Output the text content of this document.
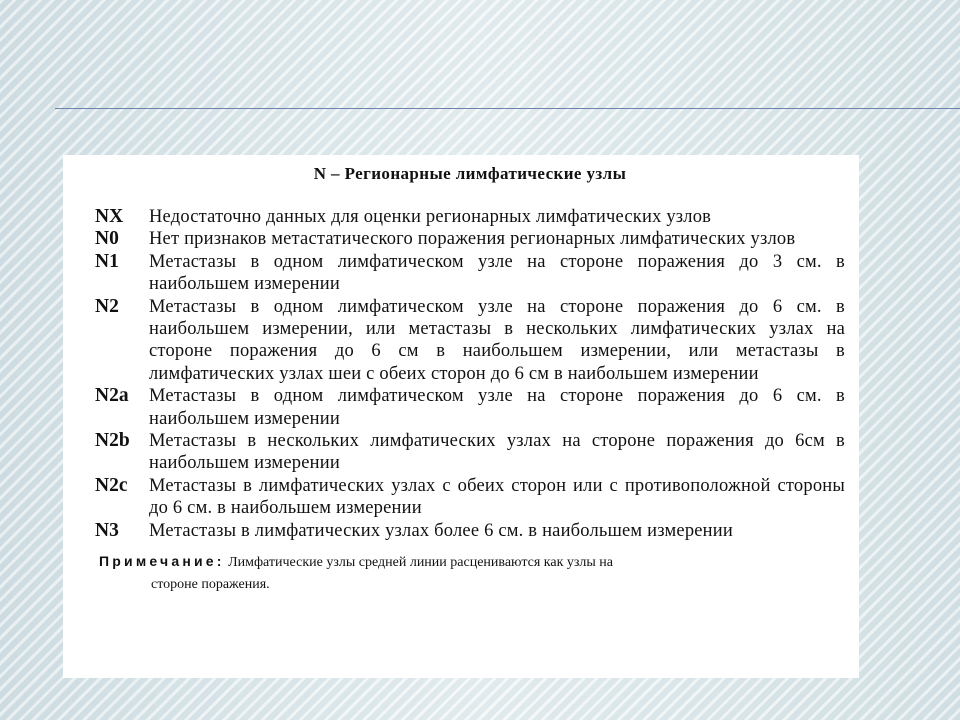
N – Регионарные лимфатические узлы
NX	Недостаточно данных для оценки регионарных лимфатических узлов
N0	Нет признаков метастатического поражения регионарных лимфатических узлов
N1	Метастазы в одном лимфатическом узле на стороне поражения до 3 см. в наибольшем измерении
N2	Метастазы в одном лимфатическом узле на стороне поражения до 6 см. в наибольшем измерении, или метастазы в нескольких лимфатических узлах на стороне поражения до 6 см в наибольшем измерении, или метастазы в лимфатических узлах шеи с обеих сторон до 6 см в наибольшем измерении
N2a	Метастазы в одном лимфатическом узле на стороне поражения до 6 см. в наибольшем измерении
N2b	Метастазы в нескольких лимфатических узлах на стороне поражения до 6см в наибольшем измерении
N2c	Метастазы в лимфатических узлах с обеих сторон или с противоположной стороны до 6 см. в наибольшем измерении
N3	Метастазы в лимфатических узлах более 6 см. в наибольшем измерении
Примечание: Лимфатические узлы средней линии расцениваются как узлы на
стороне поражения.
